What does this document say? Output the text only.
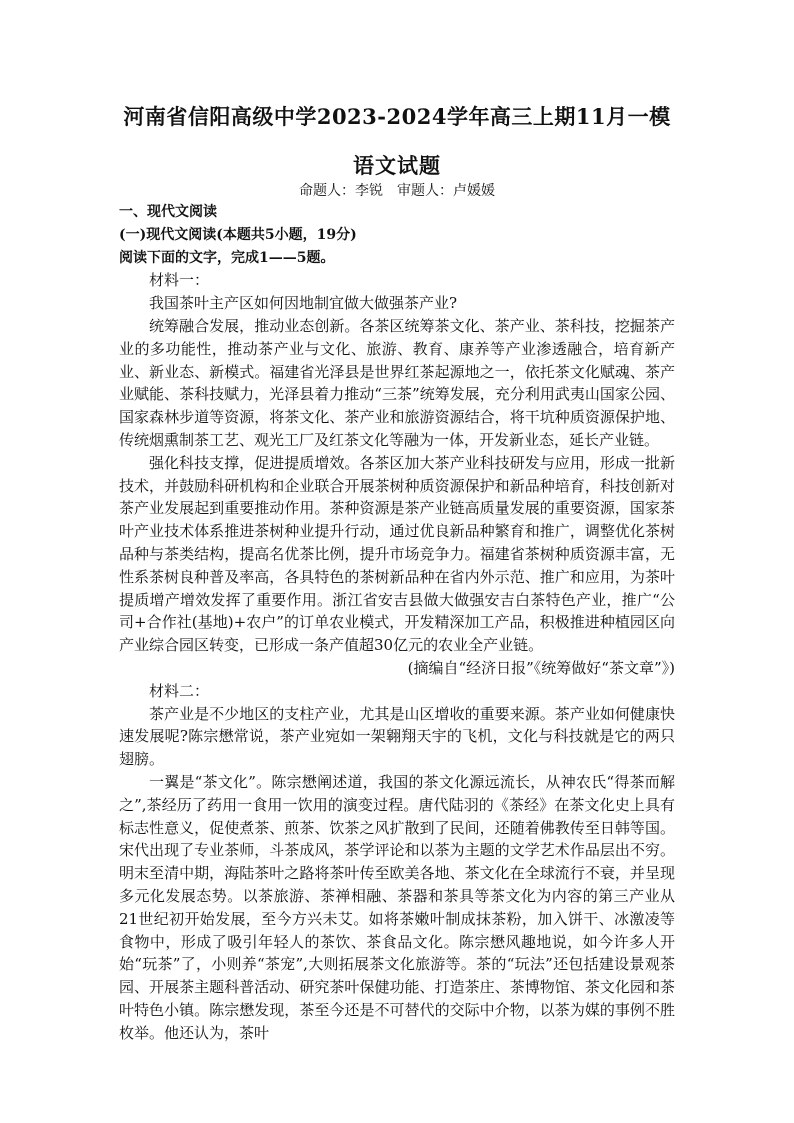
河南省信阳高级中学2023-2024学年高三上期11月一模
语文试题
命题人：李锐　审题人：卢媛媛

一、现代文阅读

(一)现代文阅读(本题共5小题，19分)

阅读下面的文字，完成1——5题。

材料一：

我国茶叶主产区如何因地制宜做大做强茶产业?

统筹融合发展，推动业态创新。各茶区统筹茶文化、茶产业、茶科技，挖掘茶产业的多功能性，推动茶产业与文化、旅游、教育、康养等产业渗透融合，培育新产业、新业态、新模式。福建省光泽县是世界红茶起源地之一，依托茶文化赋魂、茶产业赋能、茶科技赋力，光泽县着力推动“三茶”统筹发展，充分利用武夷山国家公园、国家森林步道等资源，将茶文化、茶产业和旅游资源结合，将干坑种质资源保护地、传统烟熏制茶工艺、观光工厂及红茶文化等融为一体，开发新业态，延长产业链。

强化科技支撑，促进提质增效。各茶区加大茶产业科技研发与应用，形成一批新技术，并鼓励科研机构和企业联合开展茶树种质资源保护和新品种培育，科技创新对茶产业发展起到重要推动作用。茶种资源是茶产业链高质量发展的重要资源，国家茶叶产业技术体系推进茶树种业提升行动，通过优良新品种繁育和推广，调整优化茶树品种与茶类结构，提高名优茶比例，提升市场竞争力。福建省茶树种质资源丰富，无性系茶树良种普及率高，各具特色的茶树新品种在省内外示范、推广和应用，为茶叶提质增产增效发挥了重要作用。浙江省安吉县做大做强安吉白茶特色产业，推广“公司+合作社(基地)+农户”的订单农业模式，开发精深加工产品，积极推进种植园区向产业综合园区转变，已形成一条产值超30亿元的农业全产业链。

(摘编自“经济日报”《统筹做好“茶文章”》)

材料二：

茶产业是不少地区的支柱产业，尤其是山区增收的重要来源。茶产业如何健康快速发展呢?陈宗懋常说，茶产业宛如一架翱翔天宇的飞机，文化与科技就是它的两只翅膀。

一翼是“茶文化”。陈宗懋阐述道，我国的茶文化源远流长，从神农氏“得茶而解之”,茶经历了药用一食用一饮用的演变过程。唐代陆羽的《茶经》在茶文化史上具有标志性意义，促使煮茶、煎茶、饮茶之风扩散到了民间，还随着佛教传至日韩等国。宋代出现了专业茶师，斗茶成风，茶学评论和以茶为主题的文学艺术作品层出不穷。明末至清中期，海陆茶叶之路将茶叶传至欧美各地、茶文化在全球流行不衰，并呈现多元化发展态势。以茶旅游、茶禅相融、茶器和茶具等茶文化为内容的第三产业从21世纪初开始发展，至今方兴未艾。如将茶嫩叶制成抹茶粉，加入饼干、冰激凌等食物中，形成了吸引年轻人的茶饮、茶食品文化。陈宗懋风趣地说，如今许多人开始“玩茶”了，小则养“茶宠”,大则拓展茶文化旅游等。茶的“玩法”还包括建设景观茶园、开展茶主题科普活动、研究茶叶保健功能、打造茶庄、茶博物馆、茶文化园和茶叶特色小镇。陈宗懋发现，茶至今还是不可替代的交际中介物，以茶为媒的事例不胜枚举。他还认为，茶叶
